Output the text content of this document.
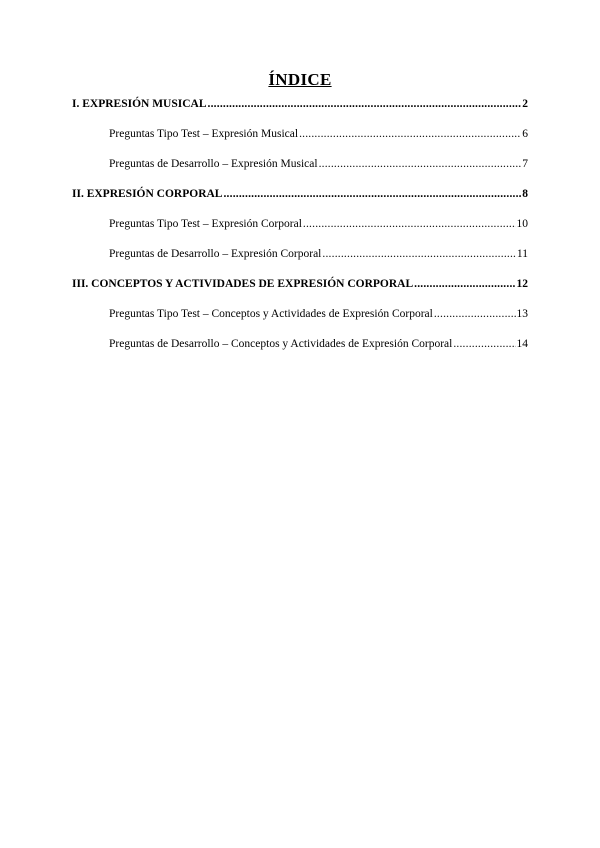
ÍNDICE
I. EXPRESIÓN MUSICAL .....	2
Preguntas Tipo Test – Expresión Musical .....	6
Preguntas de Desarrollo – Expresión Musical .....	7
II. EXPRESIÓN CORPORAL .....	8
Preguntas Tipo Test – Expresión Corporal .....	10
Preguntas de Desarrollo – Expresión Corporal .....	11
III. CONCEPTOS Y ACTIVIDADES DE EXPRESIÓN CORPORAL .....	12
Preguntas Tipo Test – Conceptos y Actividades de Expresión Corporal .....	13
Preguntas de Desarrollo – Conceptos y Actividades de Expresión Corporal .....	14
